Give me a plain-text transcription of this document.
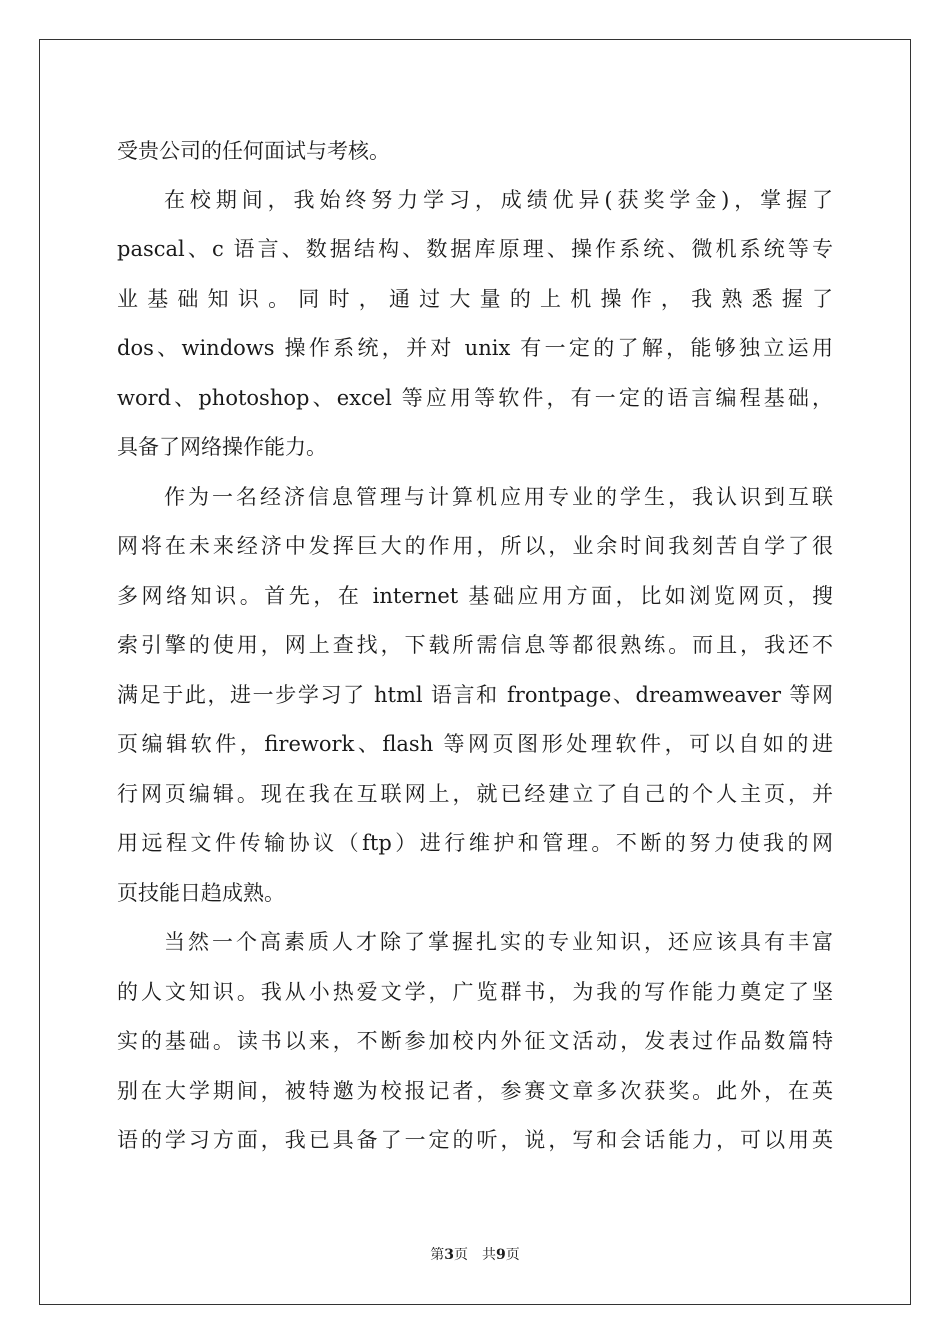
受贵公司的任何面试与考核。
在校期间，我始终努力学习，成绩优异(获奖学金)，掌握了
pascal、c 语言、数据结构、数据库原理、操作系统、微机系统等专
业基础知识。同时，通过大量的上机操作，我熟悉握了
dos、windows 操作系统，并对 unix 有一定的了解，能够独立运用
word、photoshop、excel 等应用等软件，有一定的语言编程基础，
具备了网络操作能力。
作为一名经济信息管理与计算机应用专业的学生，我认识到互联
网将在未来经济中发挥巨大的作用，所以，业余时间我刻苦自学了很
多网络知识。首先，在 internet 基础应用方面，比如浏览网页，搜
索引擎的使用，网上查找，下载所需信息等都很熟练。而且，我还不
满足于此，进一步学习了 html 语言和 frontpage、dreamweaver 等网
页编辑软件，firework、flash 等网页图形处理软件，可以自如的进
行网页编辑。现在我在互联网上，就已经建立了自己的个人主页，并
用远程文件传输协议（ftp）进行维护和管理。不断的努力使我的网
页技能日趋成熟。
当然一个高素质人才除了掌握扎实的专业知识，还应该具有丰富
的人文知识。我从小热爱文学，广览群书，为我的写作能力奠定了坚
实的基础。读书以来，不断参加校内外征文活动，发表过作品数篇特
别在大学期间，被特邀为校报记者，参赛文章多次获奖。此外，在英
语的学习方面，我已具备了一定的听，说，写和会话能力，可以用英
第3页　共9页
